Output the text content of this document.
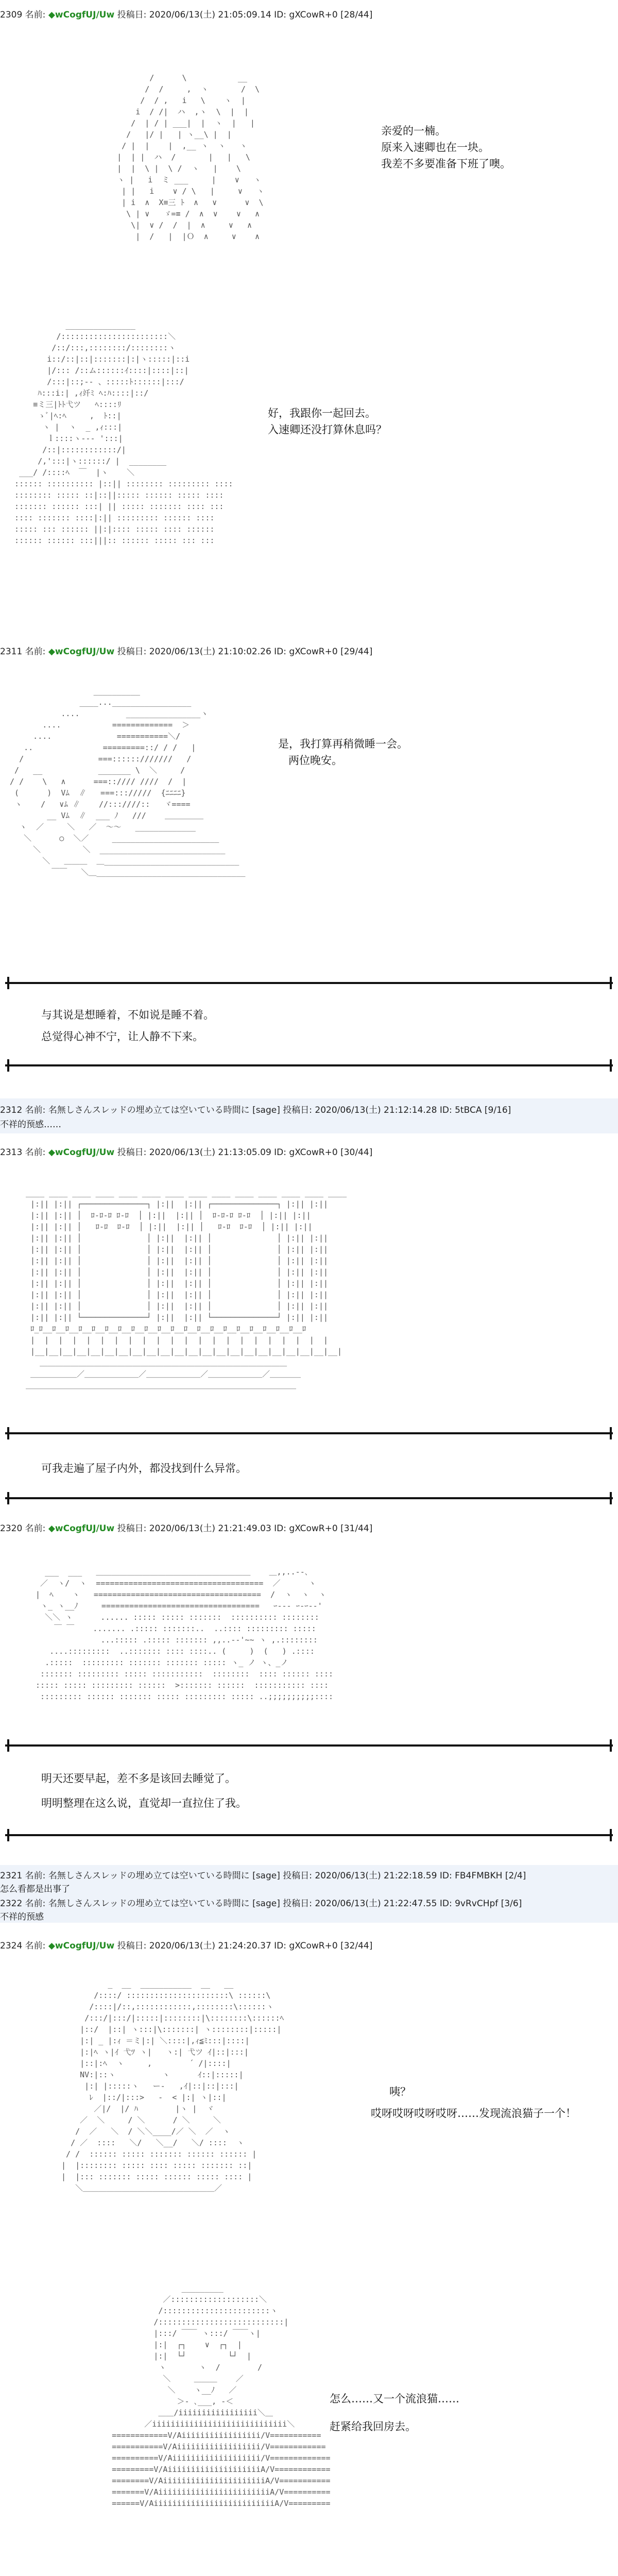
2309 名前: ◆wCogfUJ/Uw 投稿日: 2020/06/13(土) 21:05:09.14 ID: gXCowR+0 [28/44]
/      \           __
/  /     ,  ヽ       /  \
/  / ,   i   \    ヽ  |
i  / /|  ハ  ,ヽ  \  |  |
/  | / | ___|  |  ヽ  |   |
/   |/ |   | ヽ__\ |  |
/ |  |    |  ,__ ヽ  ヽ   ヽ
|  | |  ハ  /       |   |   \
|  |  \ |  \ /  ヽ   |    \
ヽ |   i  ミ ___     |    ∨   ヽ
| |   i    ∨ / \   |     ∨   ヽ
| i  ∧  X≡三 ﾄ  ∧   ∨      ∨  \
\ | ∨   ゞ=≡ /  ∧  ∨    ∨   ∧
\|  ∨ /  /  |  ∧     ∨   ∧
|  /   |  |Ｏ  ∧     ∨    ∧
亲爱的一楠。
原来入速卿也在一块。
我差不多要准备下班了噢。
_______________
/:::::::::::::::::::::::＼
/::/:::,::::::::/::::::::ヽ
i::/::|::|:::::::|:|ヽ:::::|::i
|/::: /::ム::::::ｲ::::|::::|::|
/:::|::;-‐ 、:::::ﾄ::::::|:::/
ﾊ:::i:| ,ｨ竏ﾐ ﾍ:ﾊ::::|::/
≡ミ三|ﾄﾄ弋ツ   ﾍ::::ﾘ
ゝﾞ|ﾍ:ﾍ     ,  ﾄ::|
ヽ |  ヽ  _ ,ｨ:::|
ｌ::::ヽ‐‐‐ ':::|
/::|::::::::::::/|
/,':::|ヽ::::::/ |  ________
___/ /::::ﾍ  ￣  |ヽ    ＼
:::::: :::::::::: |::|| :::::::: ::::::::: ::::
:::::::: ::::: ::|::||::::: :::::: ::::: ::::
::::::: :::::: :::| || ::::: ::::::: :::: :::
:::: ::::::: ::::|:|| ::::::::: :::::: ::::
::::: ::: :::::: ||:|:::: ::::: :::: ::::::
:::::: :::::: :::|||:: :::::: ::::: ::: :::
好，我跟你一起回去。
入速卿还没打算休息吗？
2311 名前: ◆wCogfUJ/Uw 投稿日: 2020/06/13(土) 21:10:02.26 ID: gXCowR+0 [29/44]
__________
____..._________________
....          ________________ヽ
....           =============  ＞
....              ===========＼/
..               =========::/ / /   |
/                ===::::::///////   /
/   __            _______ \  ＼     /
/ /    \   ∧      ===:://// ////  /  |
(      )  Vﾑ  ∥   ===::://///  {ﾆﾆﾆﾆ}
ヽ    /   ∨ﾑ ∥    //:::////::   ヾ====
__ Vﾑ  ∥  ___ ﾉ   ///    ＿＿＿＿＿
ヽ  ／     ＼   ／  ～～   _____________
＼      ○  ＼／     _______________________
＼         ＼  ___________________________
＼   ＿＿＿  ＿_____________________________
￣￣   ＼＿________________________________
是，我打算再稍微睡一会。
两位晚安。
与其说是想睡着，不如说是睡不着。
总觉得心神不宁，让人静不下来。
2312 名前: 名無しさんスレッドの埋め立ては空いている時間に [sage] 投稿日: 2020/06/13(土) 21:12:14.28 ID: 5tBCA [9/16]
不祥的预感……
2313 名前: ◆wCogfUJ/Uw 投稿日: 2020/06/13(土) 21:13:05.09 ID: gXCowR+0 [30/44]
____ ____ ____ ____ ____ ____ ____ ____ ____ ____ ____ ____ ____ ____
|:|| |:|| ┌──────────────┐ |:||  |:|| ┌──────────────┐ |:|| |:||
|:|| |:|| │  ﾛ-ﾛ-ﾛ ﾛ-ﾛ  │ |:||  |:|| │  ﾛ-ﾛ-ﾛ ﾛ-ﾛ  │ |:|| |:||
|:|| |:|| │   ﾛ-ﾛ  ﾛ-ﾛ  │ |:||  |:|| │   ﾛ-ﾛ  ﾛ-ﾛ  │ |:|| |:||
|:|| |:|| │              │ |:||  |:|| │              │ |:|| |:||
|:|| |:|| │              │ |:||  |:|| │              │ |:|| |:||
|:|| |:|| │              │ |:||  |:|| │              │ |:|| |:||
|:|| |:|| │              │ |:||  |:|| │              │ |:|| |:||
|:|| |:|| │              │ |:||  |:|| │              │ |:|| |:||
|:|| |:|| │              │ |:||  |:|| │              │ |:|| |:||
|:|| |:|| │              │ |:||  |:|| │              │ |:|| |:||
|:|| |:|| └──────────────┘ |:||  |:|| └──────────────┘ |:|| |:||
ﾛ_ﾛ__ﾛ__ﾛ__ﾛ__ﾛ__ﾛ__ﾛ__ﾛ__ﾛ__ﾛ__ﾛ__ﾛ__ﾛ__ﾛ__ﾛ__ﾛ__ﾛ__ﾛ__ﾛ__ﾛ__ﾛ
|  |  |  |  |  |  |  |  |  |  |  |  |  |  |  |  |  |  |  |  |  |
|__|__|__|__|__|__|__|__|__|__|__|__|__|__|__|__|__|__|__|__|__|__|
＿＿＿＿＿＿＿＿＿＿＿＿＿＿＿＿＿＿＿＿＿＿＿＿＿＿＿＿＿＿＿＿
＿＿＿＿＿＿／＿＿＿＿＿＿＿／＿＿＿＿＿＿＿／＿＿＿＿＿＿＿／＿＿＿＿
＿＿＿＿＿＿＿＿＿＿＿＿＿＿＿＿＿＿＿＿＿＿＿＿＿＿＿＿＿＿＿＿＿＿＿
可我走遍了屋子内外，都没找到什么异常。
2320 名前: ◆wCogfUJ/Uw 投稿日: 2020/06/13(土) 21:21:49.03 ID: gXCowR+0 [31/44]
___  ___   ＿＿＿＿＿＿＿＿＿＿＿＿＿＿＿＿＿＿＿＿    ＿,,..--､
／  ヽ/  ヽ  ====================================  ／      ヽ
|  ﾍ    ヽ   ====================================  /  ヽ  ヽ  ヽ
ヽ_ ヽ__ﾉ     ==================================   ｰ--- ｰ-ｰ--'
＼＼ ヽ      ...... ::::: ::::: :::::::  :::::::::: ::::::::
￣ ￣    ....... .::::: :::::::..  ..:::: ::::::::: :::::
...::::: .::::: ::::::: ,,..-‐'~~ ヽ ,.::::::::
....:::::::::  ..::::::: :::: ::::.. (     )  (   ) .::::
.:::::  ::::::::: ::::::: ::::::: ::::: ヽ_ ノ ヽ、_ノ
::::::: ::::::::: ::::: :::::::::::  ::::::::  :::: :::::: ::::
::::: ::::: ::::::::: ::::::  >::::::: ::::::  ::::::::::: ::::
::::::::: :::::: ::::::: ::::: ::::::::: ::::: ..;;;;;;;;;;::::
明天还要早起，差不多是该回去睡觉了。
明明整理在这么说，直觉却一直拉住了我。
2321 名前: 名無しさんスレッドの埋め立ては空いている時間に [sage] 投稿日: 2020/06/13(土) 21:22:18.59 ID: FB4FMBKH [2/4]
怎么看都是出事了
2322 名前: 名無しさんスレッドの埋め立ては空いている時間に [sage] 投稿日: 2020/06/13(土) 21:22:47.55 ID: 9vRvCHpf [3/6]
不祥的预感
2324 名前: ◆wCogfUJ/Uw 投稿日: 2020/06/13(土) 21:24:20.37 ID: gXCowR+0 [32/44]
_  __  ___________  __   __
/::::/ ::::::::::::::::::::::\ ::::::\
/::::|/::,::::::::::::,::::::::\::::::ヽ
/:::/|:::/|:::::|::::::::|\::::::::\::::::ﾍ
|::/  |::| ヽ:::|\:::::::| ヽ::::::::|:::::|
|:| _ |:ｨ ＝ミ|:| ＼::::|,ｨ≦ﾐ:::|::::|
|:|ﾍ ヽ|ｲ 弋ﾂ ヽ|   ヽ:| 弋ツ ｲ|::|:::|
|::|:ﾍ  ヽ     ,        ´ /|::::|
NV:|::ヽ          ヽ      ｲ::|:::::|
|:| |:::::ヽ   ー‐   ,ｲ|::|::|:::|
ﾚ  |::/|:::>   -  < |:| ヽ|::|
／|/  |/ ﾊ        |ヽ |  ヾ
／  ＼     / ＼      / ＼     ＼
/  ／   ＼  / ＼＼____/／ ＼  ／  ヽ
/ ／  ::::   ＼/   ＼__/   ＼/ ::::  ヽ
/ /  :::::: ::::: ::::::: :::::: :::::: |
|  |:::::::: ::::: :::: ::::: ::::::: ::|
|  |::: ::::::: ::::: :::::: ::::: :::: |
＼＿＿＿＿＿＿＿＿＿＿＿＿＿＿＿＿＿／
咦？
哎呀哎呀哎呀哎呀……发现流浪猫子一个！
_________
／:::::::::::::::::::＼
/:::::::::::::::::::::::ヽ
/:::::::::::::::::::::::::::|
|:::/ ￣￣ ヽ:::/ ￣￣ヽ|
|:|  ┌┐    ∨  ┌┐  |
|:|  └┘         └┘  |
ヽ       ヽ  /        /
＼     ＿＿＿    ／
＼    ヽ__ﾉ   ／
＞‐ ､___, ‐＜
＿＿/iiiiiiiiiiiiiiiii＼＿
／iiiiiiiiiiiiiiiiiiiiiiiiiiiii＼
============V/Aiiiiiiiiiiiiiiiii/V===========
===========V/Aiiiiiiiiiiiiiiiiii/V============
==========V/Aiiiiiiiiiiiiiiiiiii/V=============
=========V/AiiiiiiiiiiiiiiiiiiiiA/V============
========V/AiiiiiiiiiiiiiiiiiiiiiiA/V===========
=======V/AiiiiiiiiiiiiiiiiiiiiiiiiA/V==========
======V/AiiiiiiiiiiiiiiiiiiiiiiiiiiA/V=========
怎么……又一个流浪猫……
赶紧给我回房去。
